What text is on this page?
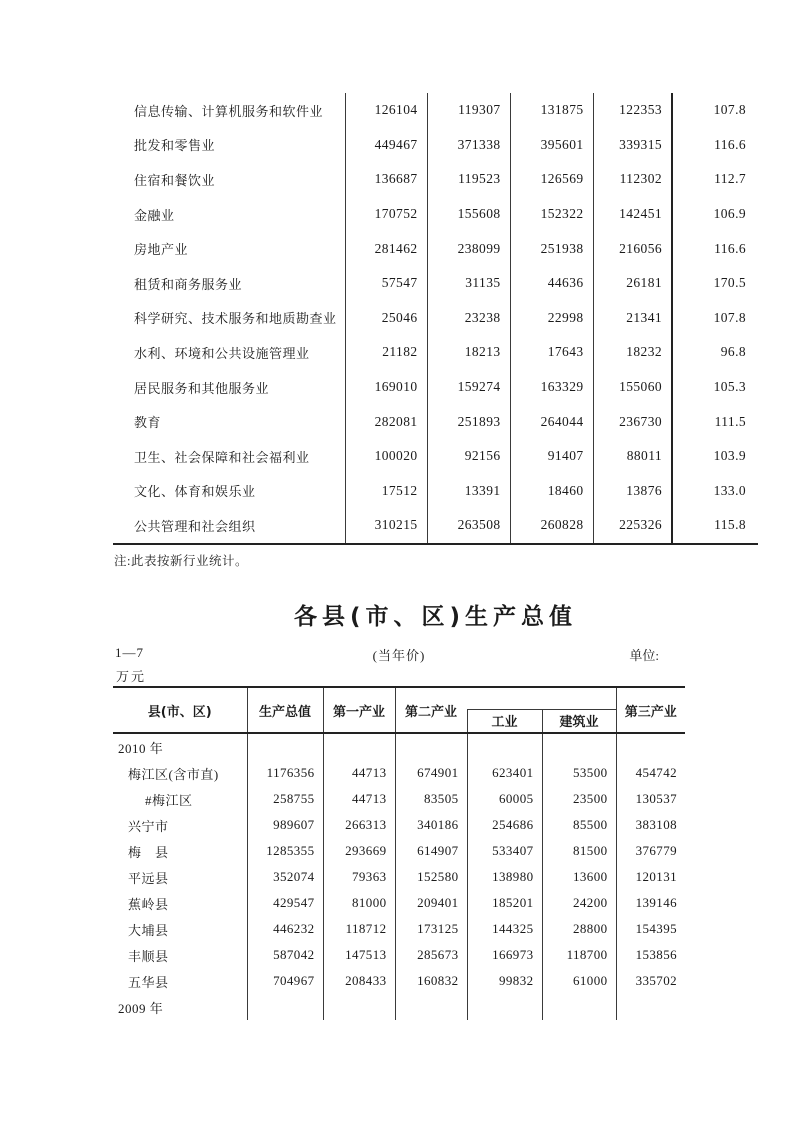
信息传输、计算机服务和软件业	126104	119307	131875	122353	107.8
批发和零售业	449467	371338	395601	339315	116.6
住宿和餐饮业	136687	119523	126569	112302	112.7
金融业	170752	155608	152322	142451	106.9
房地产业	281462	238099	251938	216056	116.6
租赁和商务服务业	57547	31135	44636	26181	170.5
科学研究、技术服务和地质勘查业	25046	23238	22998	21341	107.8
水利、环境和公共设施管理业	21182	18213	17643	18232	96.8
居民服务和其他服务业	169010	159274	163329	155060	105.3
教育	282081	251893	264044	236730	111.5
卫生、社会保障和社会福利业	100020	92156	91407	88011	103.9
文化、体育和娱乐业	17512	13391	18460	13876	133.0
公共管理和社会组织	310215	263508	260828	225326	115.8
注:此表按新行业统计。
各县(市、区)生产总值
1—7	(当年价)	单位:
万元
县(市、区)	生产总值	第一产业	第二产业			第三产业
				工业	建筑业	
2010 年						
梅江区(含市直)	1176356	44713	674901	623401	53500	454742
#梅江区	258755	44713	83505	60005	23500	130537
兴宁市	989607	266313	340186	254686	85500	383108
梅　县	1285355	293669	614907	533407	81500	376779
平远县	352074	79363	152580	138980	13600	120131
蕉岭县	429547	81000	209401	185201	24200	139146
大埔县	446232	118712	173125	144325	28800	154395
丰顺县	587042	147513	285673	166973	118700	153856
五华县	704967	208433	160832	99832	61000	335702
2009 年						
